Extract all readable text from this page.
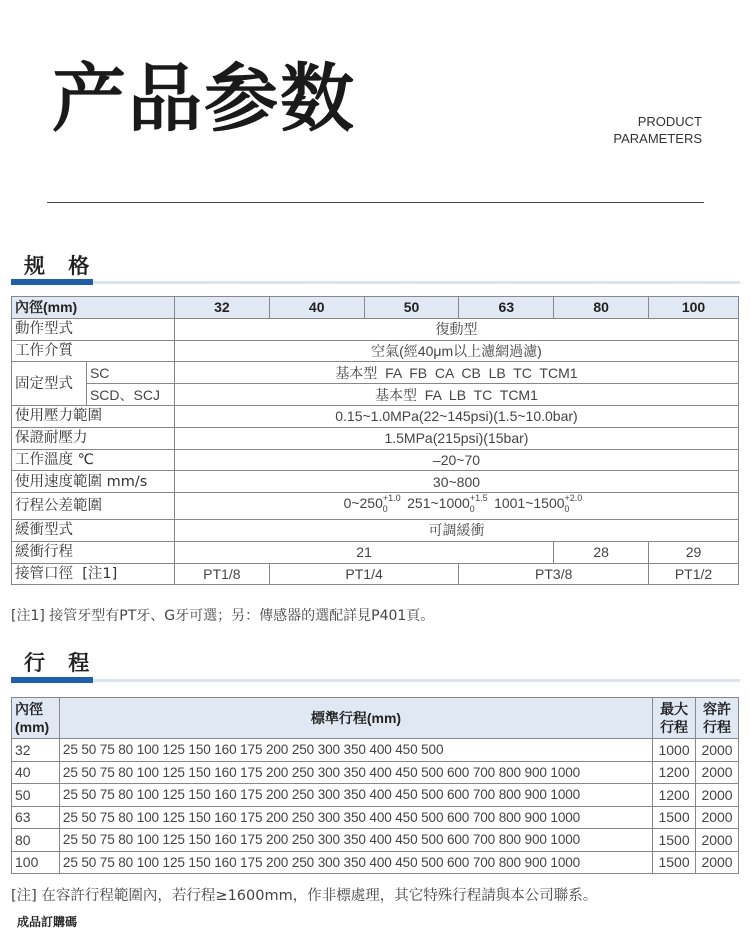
产品参数	PRODUCT
PARAMETERS
规 格
內徑(mm)		32	40	50	63	80	100
動作型式		復動型					
工作介質		空氣(經40μm以上濾網過濾)					
固定型式	SC	基本型  FA  FB  CA  CB  LB  TC  TCM1					
	SCD、SCJ	基本型  FA  LB  TC  TCM1					
使用壓力範圍		0.15~1.0MPa(22~145psi)(1.5~10.0bar)					
保證耐壓力		1.5MPa(215psi)(15bar)					
工作溫度 ℃		–20~70					
使用速度範圍 mm/s		30~800					
行程公差範圍		$0\sim 250^{+1.0}_0$ $251\sim 1000^{+1.5}_0$ $1001\sim 1500^{+2.0}_0$
緩衝型式		可調緩衝					
緩衝行程		21				28	29
接管口徑  [注1]		PT1/8	PT1/4		PT3/8		PT1/2
[注1] 接管牙型有PT牙、G牙可選；另：傳感器的選配詳見P401頁。
行 程
內徑(mm)	標準行程(mm)	最大行程	容許行程
32	25 50 75 80 100 125 150 160 175 200 250 300 350 400 450 500	1000	2000
40	25 50 75 80 100 125 150 160 175 200 250 300 350 400 450 500 600 700 800 900 1000	1200	2000
50	25 50 75 80 100 125 150 160 175 200 250 300 350 400 450 500 600 700 800 900 1000	1200	2000
63	25 50 75 80 100 125 150 160 175 200 250 300 350 400 450 500 600 700 800 900 1000	1500	2000
80	25 50 75 80 100 125 150 160 175 200 250 300 350 400 450 500 600 700 800 900 1000	1500	2000
100	25 50 75 80 100 125 150 160 175 200 250 300 350 400 450 500 600 700 800 900 1000	1500	2000
[注] 在容許行程範圍內，若行程≥1600mm，作非標處理，其它特殊行程請與本公司聯系。
成品訂購碼
